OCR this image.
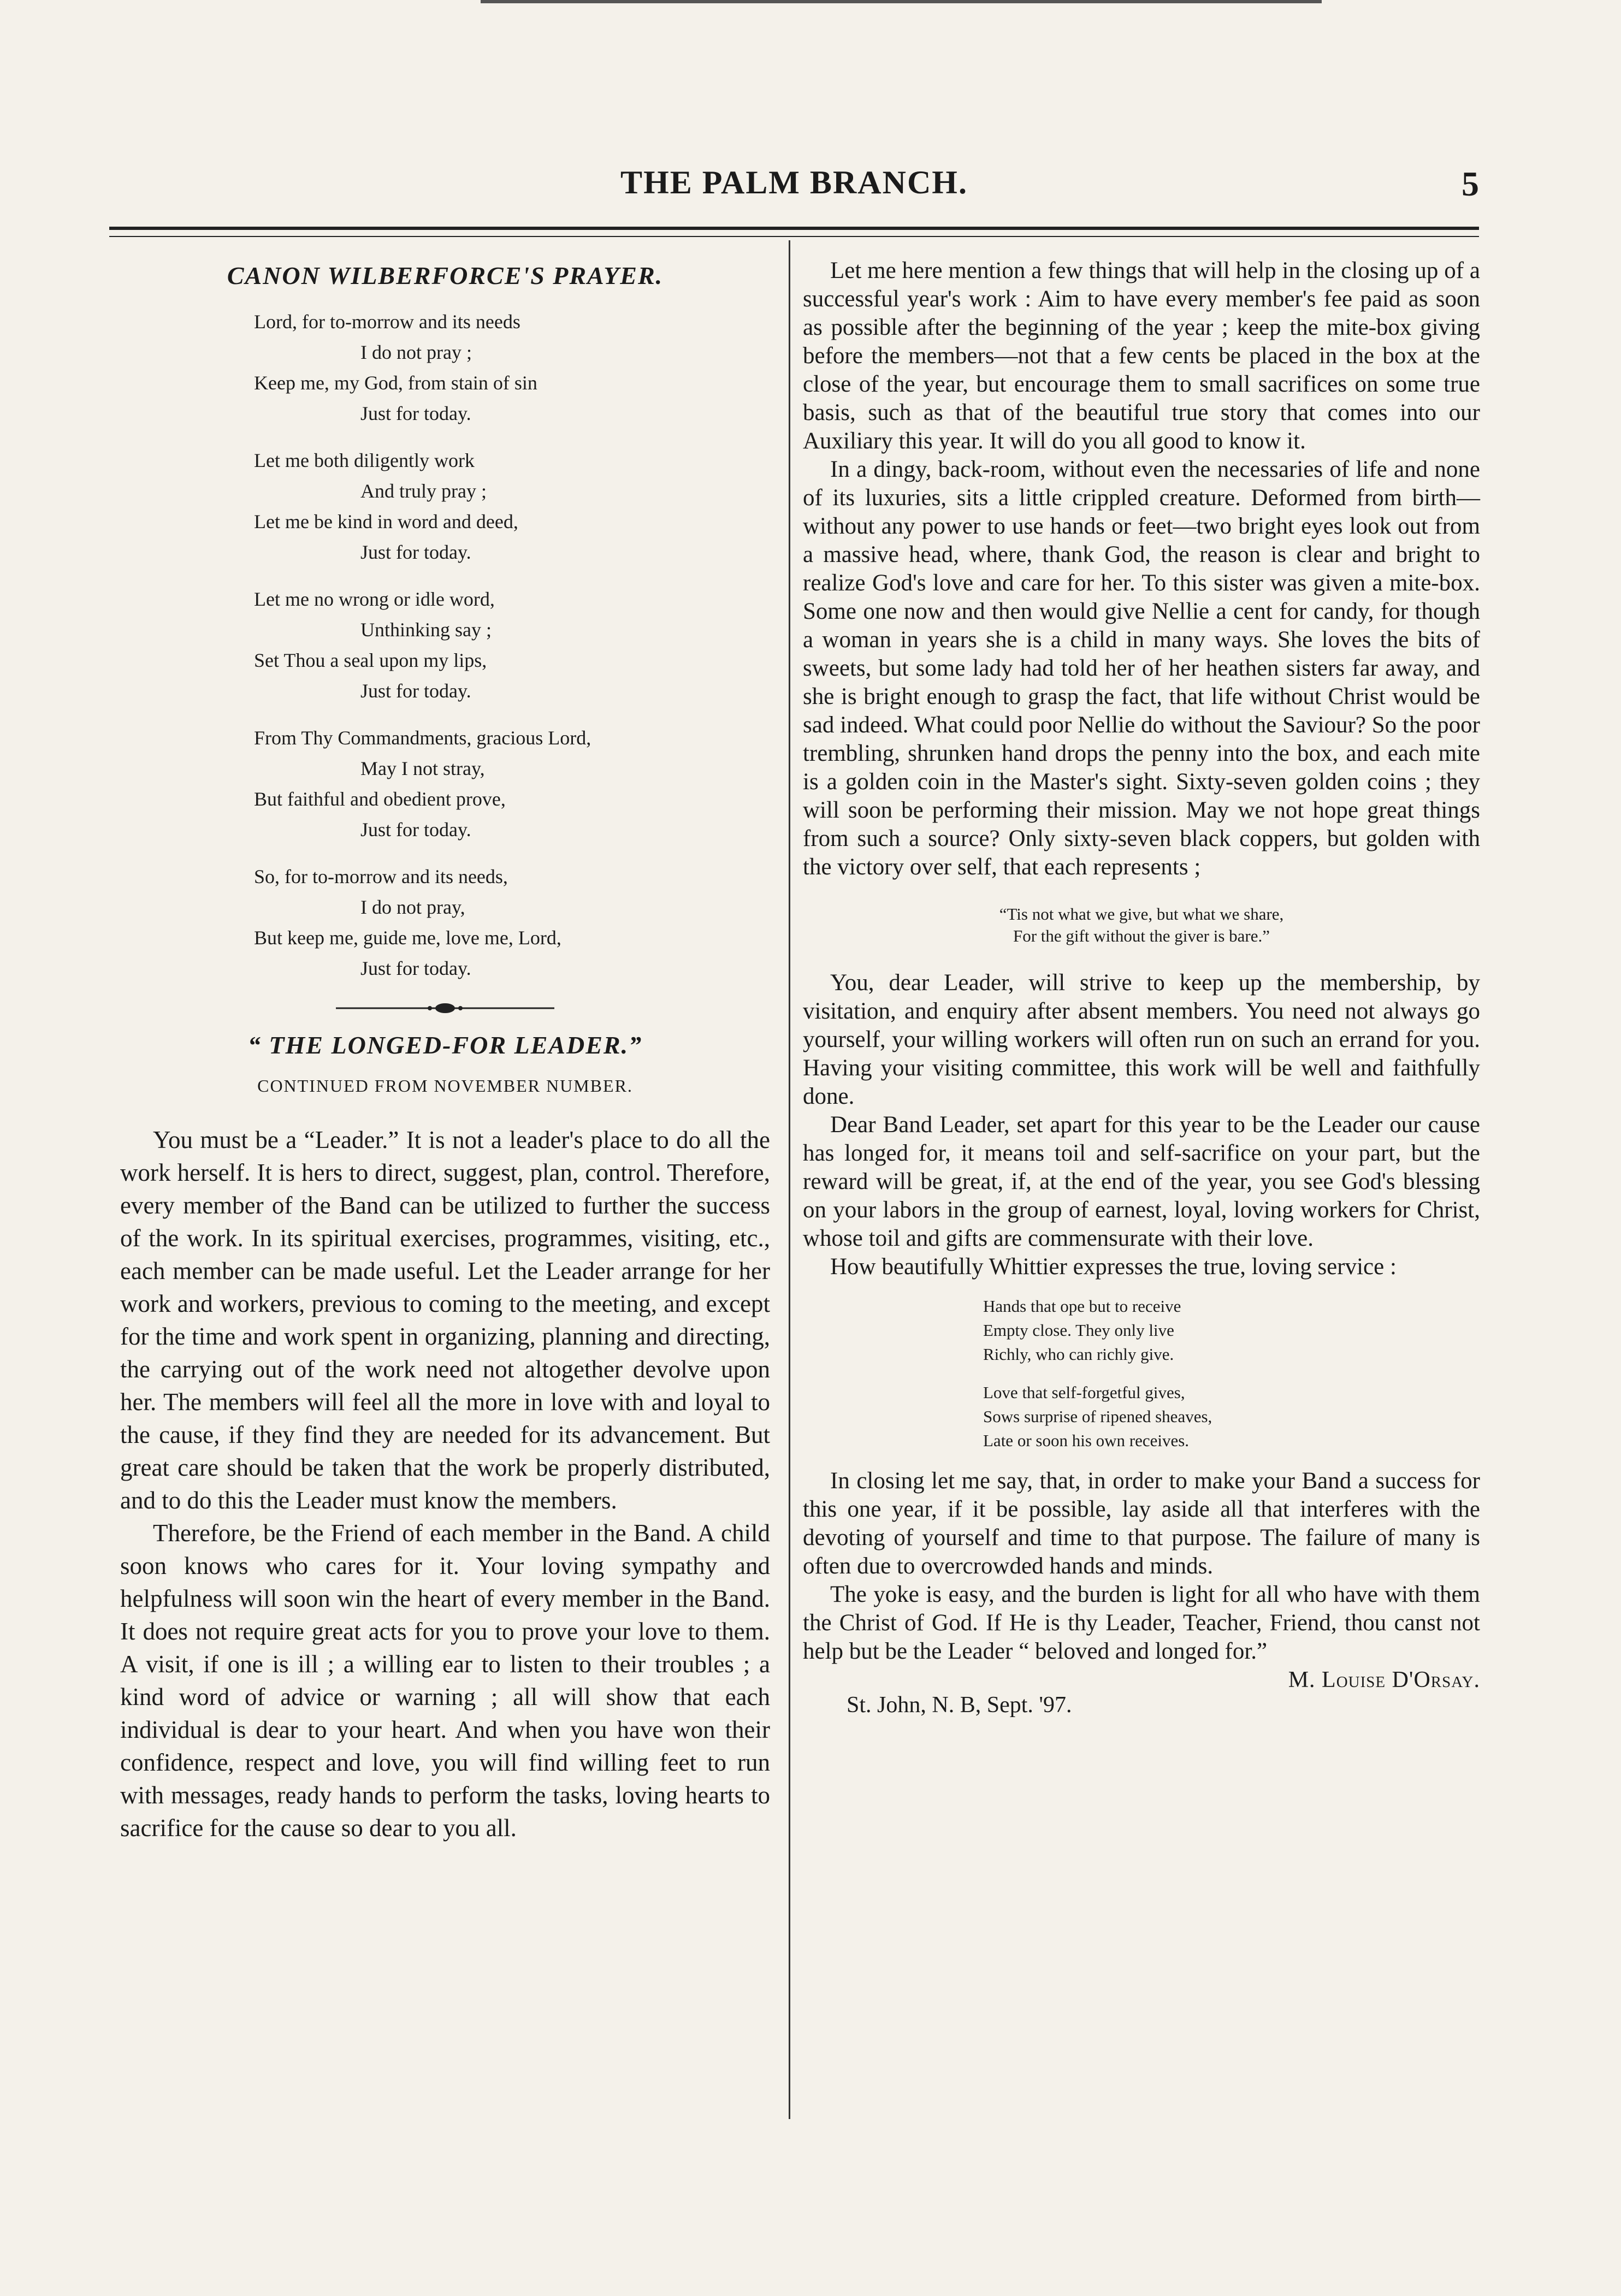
THE PALM BRANCH.	5
CANON WILBERFORCE'S PRAYER.
Lord, for to-morrow and its needs
I do not pray ;
Keep me, my God, from stain of sin
Just for today.
Let me both diligently work
And truly pray ;
Let me be kind in word and deed,
Just for today.
Let me no wrong or idle word,
Unthinking say ;
Set Thou a seal upon my lips,
Just for today.
From Thy Commandments, gracious Lord,
May I not stray,
But faithful and obedient prove,
Just for today.
So, for to-morrow and its needs,
I do not pray,
But keep me, guide me, love me, Lord,
Just for today.
“ THE LONGED-FOR LEADER.”
CONTINUED FROM NOVEMBER NUMBER.

You must be a “Leader.” It is not a leader's place to do all the work herself. It is hers to direct, suggest, plan, control. Therefore, every member of the Band can be utilized to further the success of the work. In its spiritual exercises, programmes, visiting, etc., each member can be made useful. Let the Leader arrange for her work and workers, previous to coming to the meeting, and except for the time and work spent in organizing, planning and directing, the carrying out of the work need not altogether devolve upon her. The members will feel all the more in love with and loyal to the cause, if they find they are needed for its advancement. But great care should be taken that the work be properly distributed, and to do this the Leader must know the members.

Therefore, be the Friend of each member in the Band. A child soon knows who cares for it. Your loving sympathy and helpfulness will soon win the heart of every member in the Band. It does not require great acts for you to prove your love to them. A visit, if one is ill ; a willing ear to listen to their troubles ; a kind word of advice or warning ; all will show that each individual is dear to your heart. And when you have won their confidence, respect and love, you will find willing feet to run with messages, ready hands to perform the tasks, loving hearts to sacrifice for the cause so dear to you all.

Let me here mention a few things that will help in the closing up of a successful year's work : Aim to have every member's fee paid as soon as possible after the beginning of the year ; keep the mite-box giving before the members—not that a few cents be placed in the box at the close of the year, but encourage them to small sacrifices on some true basis, such as that of the beautiful true story that comes into our Auxiliary this year. It will do you all good to know it.

In a dingy, back-room, without even the necessaries of life and none of its luxuries, sits a little crippled creature. Deformed from birth—without any power to use hands or feet—two bright eyes look out from a massive head, where, thank God, the reason is clear and bright to realize God's love and care for her. To this sister was given a mite-box. Some one now and then would give Nellie a cent for candy, for though a woman in years she is a child in many ways. She loves the bits of sweets, but some lady had told her of her heathen sisters far away, and she is bright enough to grasp the fact, that life without Christ would be sad indeed. What could poor Nellie do without the Saviour? So the poor trembling, shrunken hand drops the penny into the box, and each mite is a golden coin in the Master's sight. Sixty-seven golden coins ; they will soon be performing their mission. May we not hope great things from such a source? Only sixty-seven black coppers, but golden with the victory over self, that each represents ;

“Tis not what we give, but what we share,
For the gift without the giver is bare.”

You, dear Leader, will strive to keep up the membership, by visitation, and enquiry after absent members. You need not always go yourself, your willing workers will often run on such an errand for you. Having your visiting committee, this work will be well and faithfully done.

Dear Band Leader, set apart for this year to be the Leader our cause has longed for, it means toil and self-sacrifice on your part, but the reward will be great, if, at the end of the year, you see God's blessing on your labors in the group of earnest, loyal, loving workers for Christ, whose toil and gifts are commensurate with their love.

How beautifully Whittier expresses the true, loving service :

Hands that ope but to receive
Empty close. They only live
Richly, who can richly give.
Love that self-forgetful gives,
Sows surprise of ripened sheaves,
Late or soon his own receives.

In closing let me say, that, in order to make your Band a success for this one year, if it be possible, lay aside all that interferes with the devoting of yourself and time to that purpose. The failure of many is often due to overcrowded hands and minds.

The yoke is easy, and the burden is light for all who have with them the Christ of God. If He is thy Leader, Teacher, Friend, thou canst not help but be the Leader “ beloved and longed for.”

M. Louise D'Orsay.
St. John, N. B, Sept. '97.
